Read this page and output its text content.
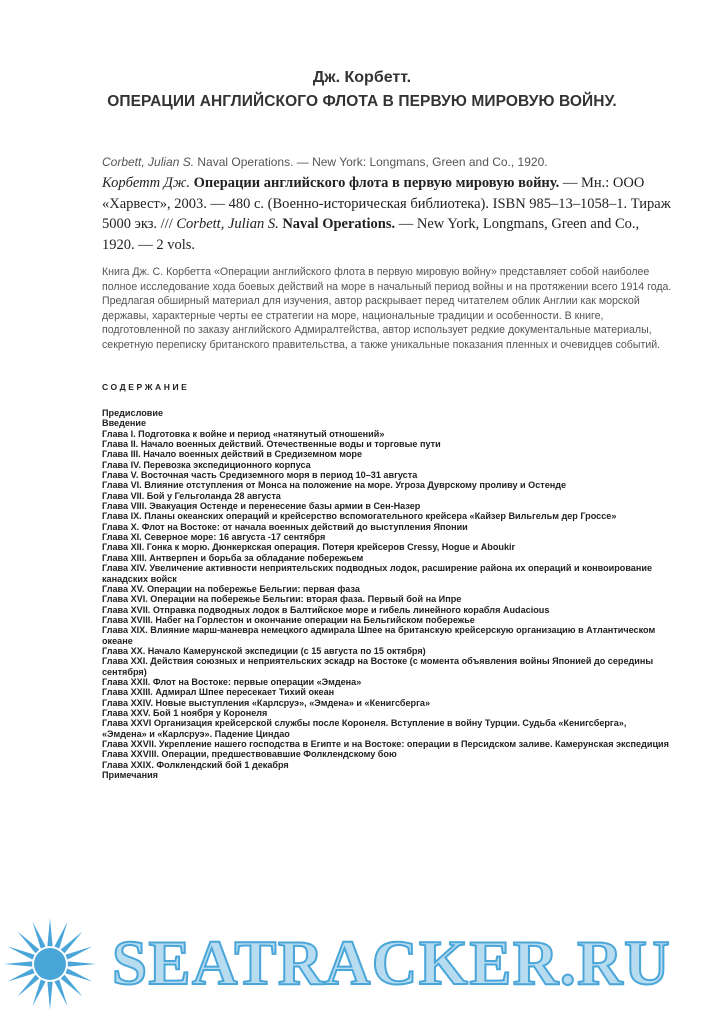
Дж. Корбетт.
ОПЕРАЦИИ АНГЛИЙСКОГО ФЛОТА В ПЕРВУЮ МИРОВУЮ ВОЙНУ.
Corbett, Julian S. Naval Operations. — New York: Longmans, Green and Co., 1920.
Корбетт Дж. Операции английского флота в первую мировую войну. — Мн.: ООО «Харвест», 2003. — 480 с. (Военно-историческая библиотека). ISBN 985–13–1058–1. Тираж 5000 экз. /// Corbett, Julian S. Naval Operations. — New York, Longmans, Green and Co., 1920. — 2 vols.
Книга Дж. С. Корбетта «Операции английского флота в первую мировую войну» представляет собой наиболее полное исследование хода боевых действий на море в начальный период войны и на протяжении всего 1914 года. Предлагая обширный материал для изучения, автор раскрывает перед читателем облик Англии как морской державы, характерные черты ее стратегии на море, национальные традиции и особенности. В книге, подготовленной по заказу английского Адмиралтейства, автор использует редкие документальные материалы, секретную переписку британского правительства, а также уникальные показания пленных и очевидцев событий.
СОДЕРЖАНИЕ
Предисловие
Введение
Глава I. Подготовка к войне и период «натянутый отношений»
Глава II. Начало военных действий. Отечественные воды и торговые пути
Глава III. Начало военных действий в Средиземном море
Глава IV. Перевозка экспедиционного корпуса
Глава V. Восточная часть Средиземного моря в период 10–31 августа
Глава VI. Влияние отступления от Монса на положение на море. Угроза Дуврскому проливу и Остенде
Глава VII. Бой у Гельголанда 28 августа
Глава VIII. Эвакуация Остенде и перенесение базы армии в Сен-Назер
Глава IX. Планы океанских операций и крейсерство вспомогательного крейсера «Кайзер Вильгельм дер Гроссе»
Глава X. Флот на Востоке: от начала военных действий до выступления Японии
Глава XI. Северное море: 16 августа -17 сентября
Глава XII. Гонка к морю. Дюнкеркская операция. Потеря крейсеров Cressy, Hogue и Aboukir
Глава XIII. Антверпен и борьба за обладание побережьем
Глава XIV. Увеличение активности неприятельских подводных лодок, расширение района их операций и конвоирование канадских войск
Глава XV. Операции на побережье Бельгии: первая фаза
Глава XVI. Операции на побережье Бельгии: вторая фаза. Первый бой на Ипре
Глава XVII. Отправка подводных лодок в Балтийское море и гибель линейного корабля Audacious
Глава XVIII. Набег на Горлестон и окончание операции на Бельгийском побережье
Глава XIX. Влияние марш-маневра немецкого адмирала Шпее на британскую крейсерскую организацию в Атлантическом океане
Глава XX. Начало Камерунской экспедиции (с 15 августа по 15 октября)
Глава XXI. Действия союзных и неприятельских эскадр на Востоке (с момента объявления войны Японией до середины сентября)
Глава XXII. Флот на Востоке: первые операции «Эмдена»
Глава XXIII. Адмирал Шпее пересекает Тихий океан
Глава XXIV. Новые выступления «Карлсруэ», «Эмдена» и «Кенигсберга»
Глава XXV. Бой 1 ноября у Коронеля
Глава XXVI Организация крейсерской службы после Коронеля. Вступление в войну Турции. Судьба «Кенигсберга», «Эмдена» и «Карлсруэ». Падение Циндао
Глава XXVII. Укрепление нашего господства в Египте и на Востоке: операции в Персидском заливе. Камерунская экспедиция
Глава XXVIII. Операции, предшествовавшие Фолклендскому бою
Глава XXIX. Фолклендский бой 1 декабря
Примечания
SEATRACKER.RU
